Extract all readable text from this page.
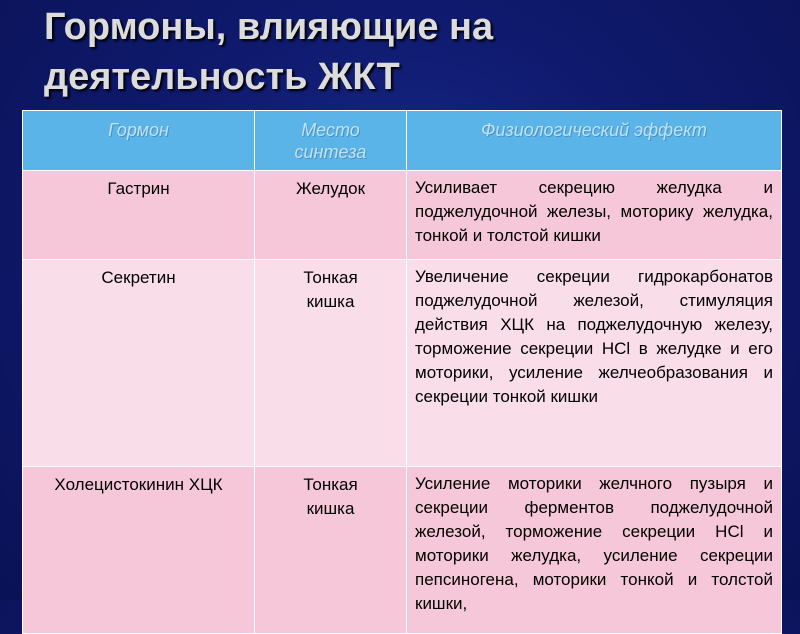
Гормоны, влияющие на
деятельность ЖКТ
Гормон	Место синтеза	Физиологический эффект
Гастрин	Желудок	Усиливает секрецию желудка и поджелудочной железы, моторику желудка, тонкой и толстой кишки
Секретин	Тонкая кишка	Увеличение секреции гидрокарбонатов поджелудочной железой, стимуляция действия ХЦК на поджелудочную железу, торможение секреции HCl в желудке и его моторики, усиление желчеобразования и секреции тонкой кишки
Холецистокинин ХЦК	Тонкая кишка	Усиление моторики желчного пузыря и секреции ферментов поджелудочной железой, торможение секреции HCl и моторики желудка, усиление секреции пепсиногена, моторики тонкой и толстой кишки,
